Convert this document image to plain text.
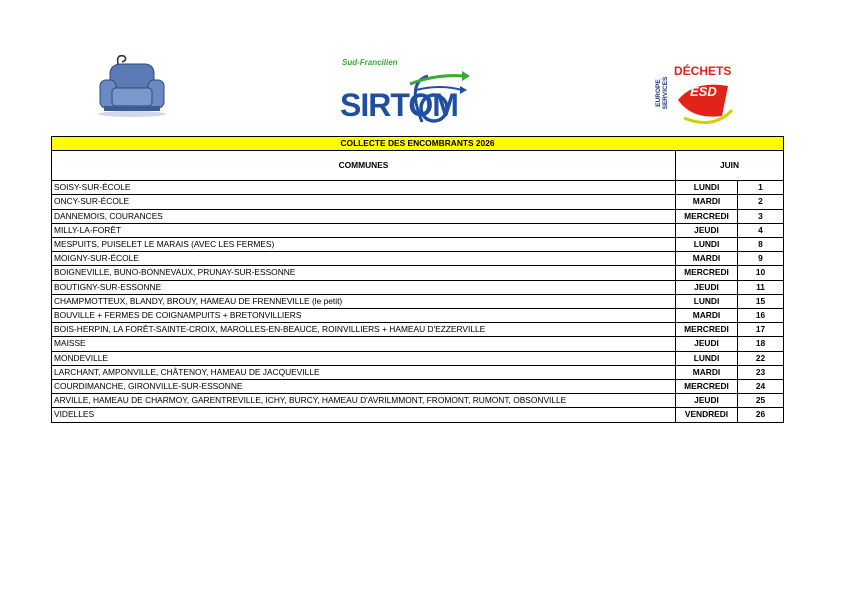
Sud-Francilien
SIRTOM	EUROPE SERVICES
DÉCHETS
ESD
COLLECTE DES ENCOMBRANTS 2026		
COMMUNES	JUIN	
SOISY-SUR-ÉCOLE	LUNDI	1
ONCY-SUR-ÉCOLE	MARDI	2
DANNEMOIS, COURANCES	MERCREDI	3
MILLY-LA-FORÊT	JEUDI	4
MESPUITS, PUISELET LE MARAIS (AVEC LES FERMES)	LUNDI	8
MOIGNY-SUR-ÉCOLE	MARDI	9
BOIGNEVILLE, BUNO-BONNEVAUX, PRUNAY-SUR-ESSONNE	MERCREDI	10
BOUTIGNY-SUR-ESSONNE	JEUDI	11
CHAMPMOTTEUX, BLANDY, BROUY, HAMEAU DE FRENNEVILLE (le petit)	LUNDI	15
BOUVILLE + FERMES DE COIGNAMPUITS + BRETONVILLIERS	MARDI	16
BOIS-HERPIN, LA FORÊT-SAINTE-CROIX, MAROLLES-EN-BEAUCE, ROINVILLIERS + HAMEAU D'EZZERVILLE	MERCREDI	17
MAISSE	JEUDI	18
MONDEVILLE	LUNDI	22
LARCHANT, AMPONVILLE, CHÂTENOY, HAMEAU DE JACQUEVILLE	MARDI	23
COURDIMANCHE, GIRONVILLE-SUR-ESSONNE	MERCREDI	24
ARVILLE, HAMEAU DE CHARMOY, GARENTREVILLE, ICHY, BURCY, HAMEAU D'AVRILMMONT, FROMONT, RUMONT, OBSONVILLE	JEUDI	25
VIDELLES	VENDREDI	26
